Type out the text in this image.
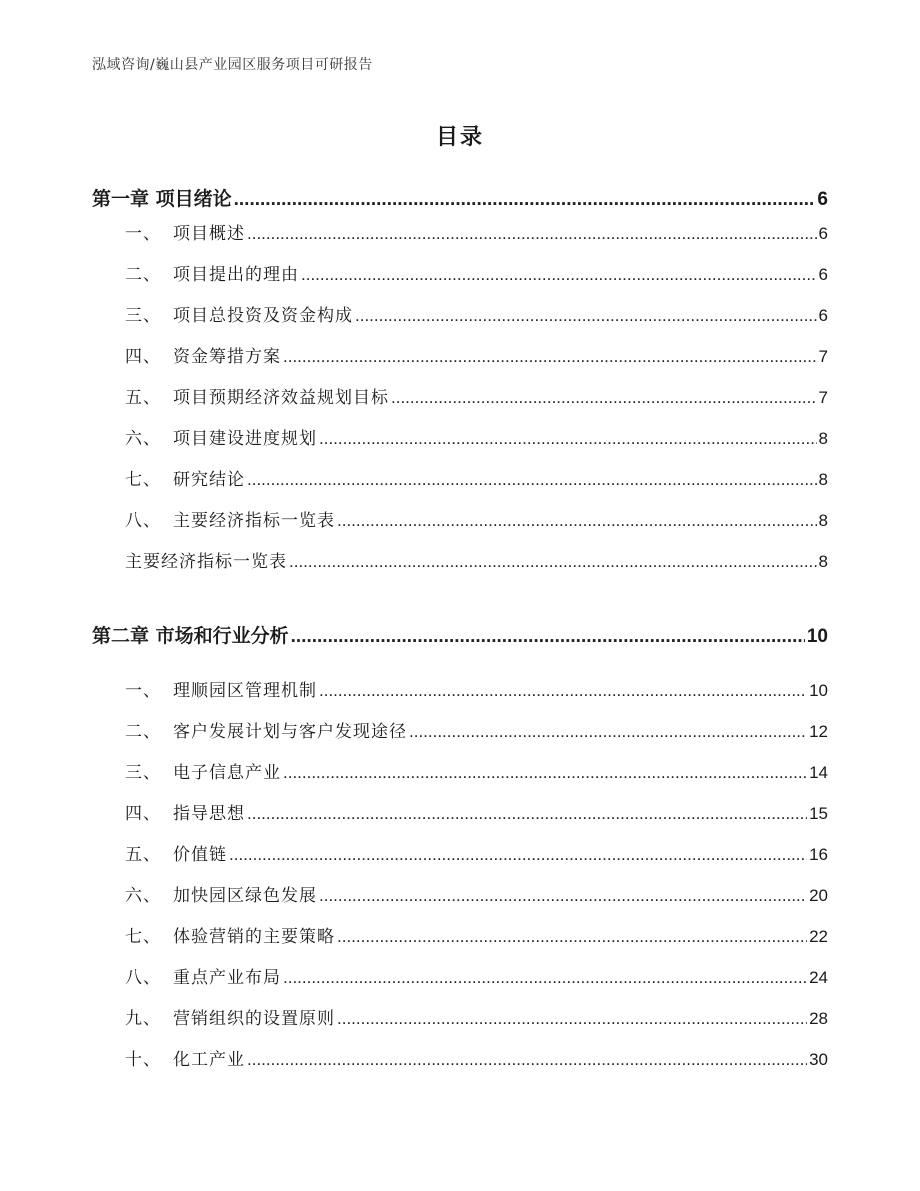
泓域咨询/巍山县产业园区服务项目可研报告
目录
第一章 项目绪论 .....	6
一、 项目概述 .....	6
二、 项目提出的理由 .....	6
三、 项目总投资及资金构成 .....	6
四、 资金筹措方案 .....	7
五、 项目预期经济效益规划目标 .....	7
六、 项目建设进度规划 .....	8
七、 研究结论 .....	8
八、 主要经济指标一览表 .....	8
主要经济指标一览表 .....	8
第二章 市场和行业分析 .....	10
一、 理顺园区管理机制 .....	10
二、 客户发展计划与客户发现途径 .....	12
三、 电子信息产业 .....	14
四、 指导思想 .....	15
五、 价值链 .....	16
六、 加快园区绿色发展 .....	20
七、 体验营销的主要策略 .....	22
八、 重点产业布局 .....	24
九、 营销组织的设置原则 .....	28
十、 化工产业 .....	30
